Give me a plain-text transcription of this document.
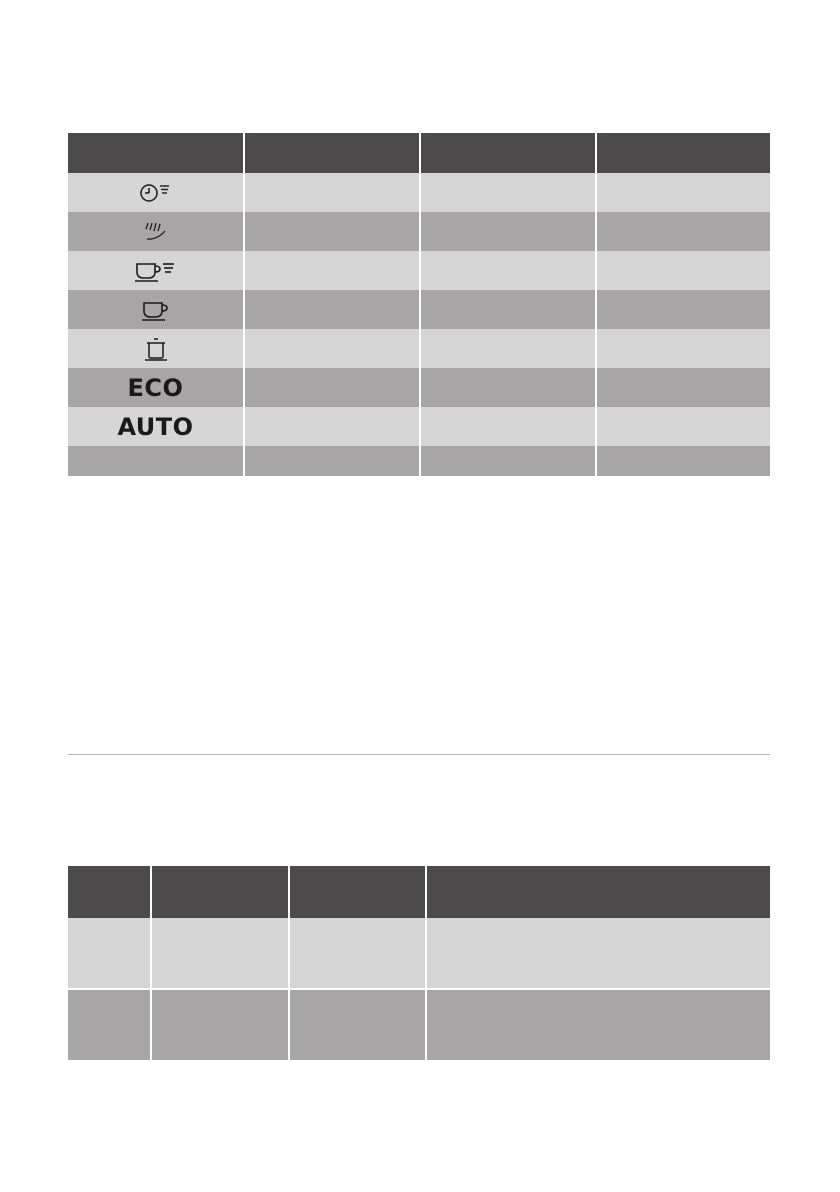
ECO			
AUTO			
